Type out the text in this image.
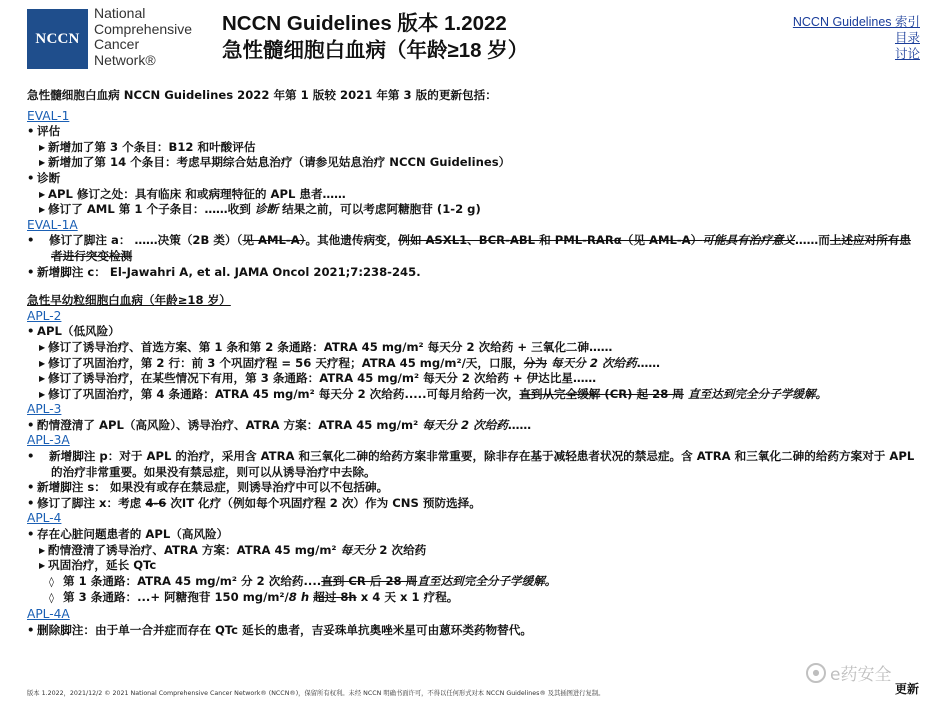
NCCN
National
Comprehensive
Cancer
Network®
NCCN Guidelines 版本 1.2022
急性髓细胞白血病（年龄≥18 岁）
NCCN Guidelines 索引
目录
讨论
急性髓细胞白血病 NCCN Guidelines 2022 年第 1 版较 2021 年第 3 版的更新包括：
EVAL-1
• 评估
▶ 新增加了第 3 个条目：B12 和叶酸评估
▶ 新增加了第 14 个条目：考虑早期综合姑息治疗（请参见姑息治疗 NCCN Guidelines）
• 诊断
▶ APL 修订之处：具有临床 和或病理特征的 APL 患者……
▶ 修订了 AML 第 1 个子条目：……收到 诊断 结果之前，可以考虑阿糖胞苷 (1-2 g)
EVAL-1A
• 修订了脚注 a： ……决策（2B 类）（见 AML-A）。其他遗传病变，例如 ASXL1、BCR-ABL 和 PML-RARα（见 AML-A）可能具有治疗意义……而上述应对所有患者进行突变检测
• 新增脚注 c： El-Jawahri A, et al. JAMA Oncol 2021;7:238-245.
急性早幼粒细胞白血病（年龄≥18 岁）
APL-2
• APL（低风险）
▶ 修订了诱导治疗、首选方案、第 1 条和第 2 条通路：ATRA 45 mg/m² 每天分 2 次给药 + 三氧化二砷……
▶ 修订了巩固治疗，第 2 行：前 3 个巩固疗程 = 56 天疗程；ATRA 45 mg/m²/天，口服，分为 每天分 2 次给药……
▶ 修订了诱导治疗，在某些情况下有用，第 3 条通路：ATRA 45 mg/m² 每天分 2 次给药 + 伊达比星……
▶ 修订了巩固治疗，第 4 条通路：ATRA 45 mg/m² 每天分 2 次给药.....可每月给药一次，直到从完全缓解 (CR) 起 28 周 直至达到完全分子学缓解。
APL-3
• 酌情澄清了 APL（高风险）、诱导治疗、ATRA 方案：ATRA 45 mg/m² 每天分 2 次给药……
APL-3A
• 新增脚注 p：对于 APL 的治疗，采用含 ATRA 和三氧化二砷的给药方案非常重要，除非存在基于减轻患者状况的禁忌症。含 ATRA 和三氧化二砷的给药方案对于 APL 的治疗非常重要。如果没有禁忌症，则可以从诱导治疗中去除。
• 新增脚注 s： 如果没有或存在禁忌症，则诱导治疗中可以不包括砷。
• 修订了脚注 x：考虑 4-6 次IT 化疗（例如每个巩固疗程 2 次）作为 CNS 预防选择。
APL-4
• 存在心脏问题患者的 APL（高风险）
▶ 酌情澄清了诱导治疗、ATRA 方案：ATRA 45 mg/m² 每天分 2 次给药
▶ 巩固治疗，延长 QTc
◊ 第 1 条通路：ATRA 45 mg/m² 分 2 次给药....直到 CR 后 28 周直至达到完全分子学缓解。
◊ 第 3 条通路：...+ 阿糖孢苷 150 mg/m²/8 h 超过 8h x 4 天 x 1 疗程。
APL-4A
• 删除脚注：由于单一合并症而存在 QTc 延长的患者，吉妥珠单抗奥唑米星可由蒽环类药物替代。
● e药安全
版本 1.2022，2021/12/2 © 2021 National Comprehensive Cancer Network® (NCCN®)，保留所有权利。未经 NCCN 明确书面许可，不得以任何形式对本 NCCN Guidelines® 及其插图进行复制。	更新
